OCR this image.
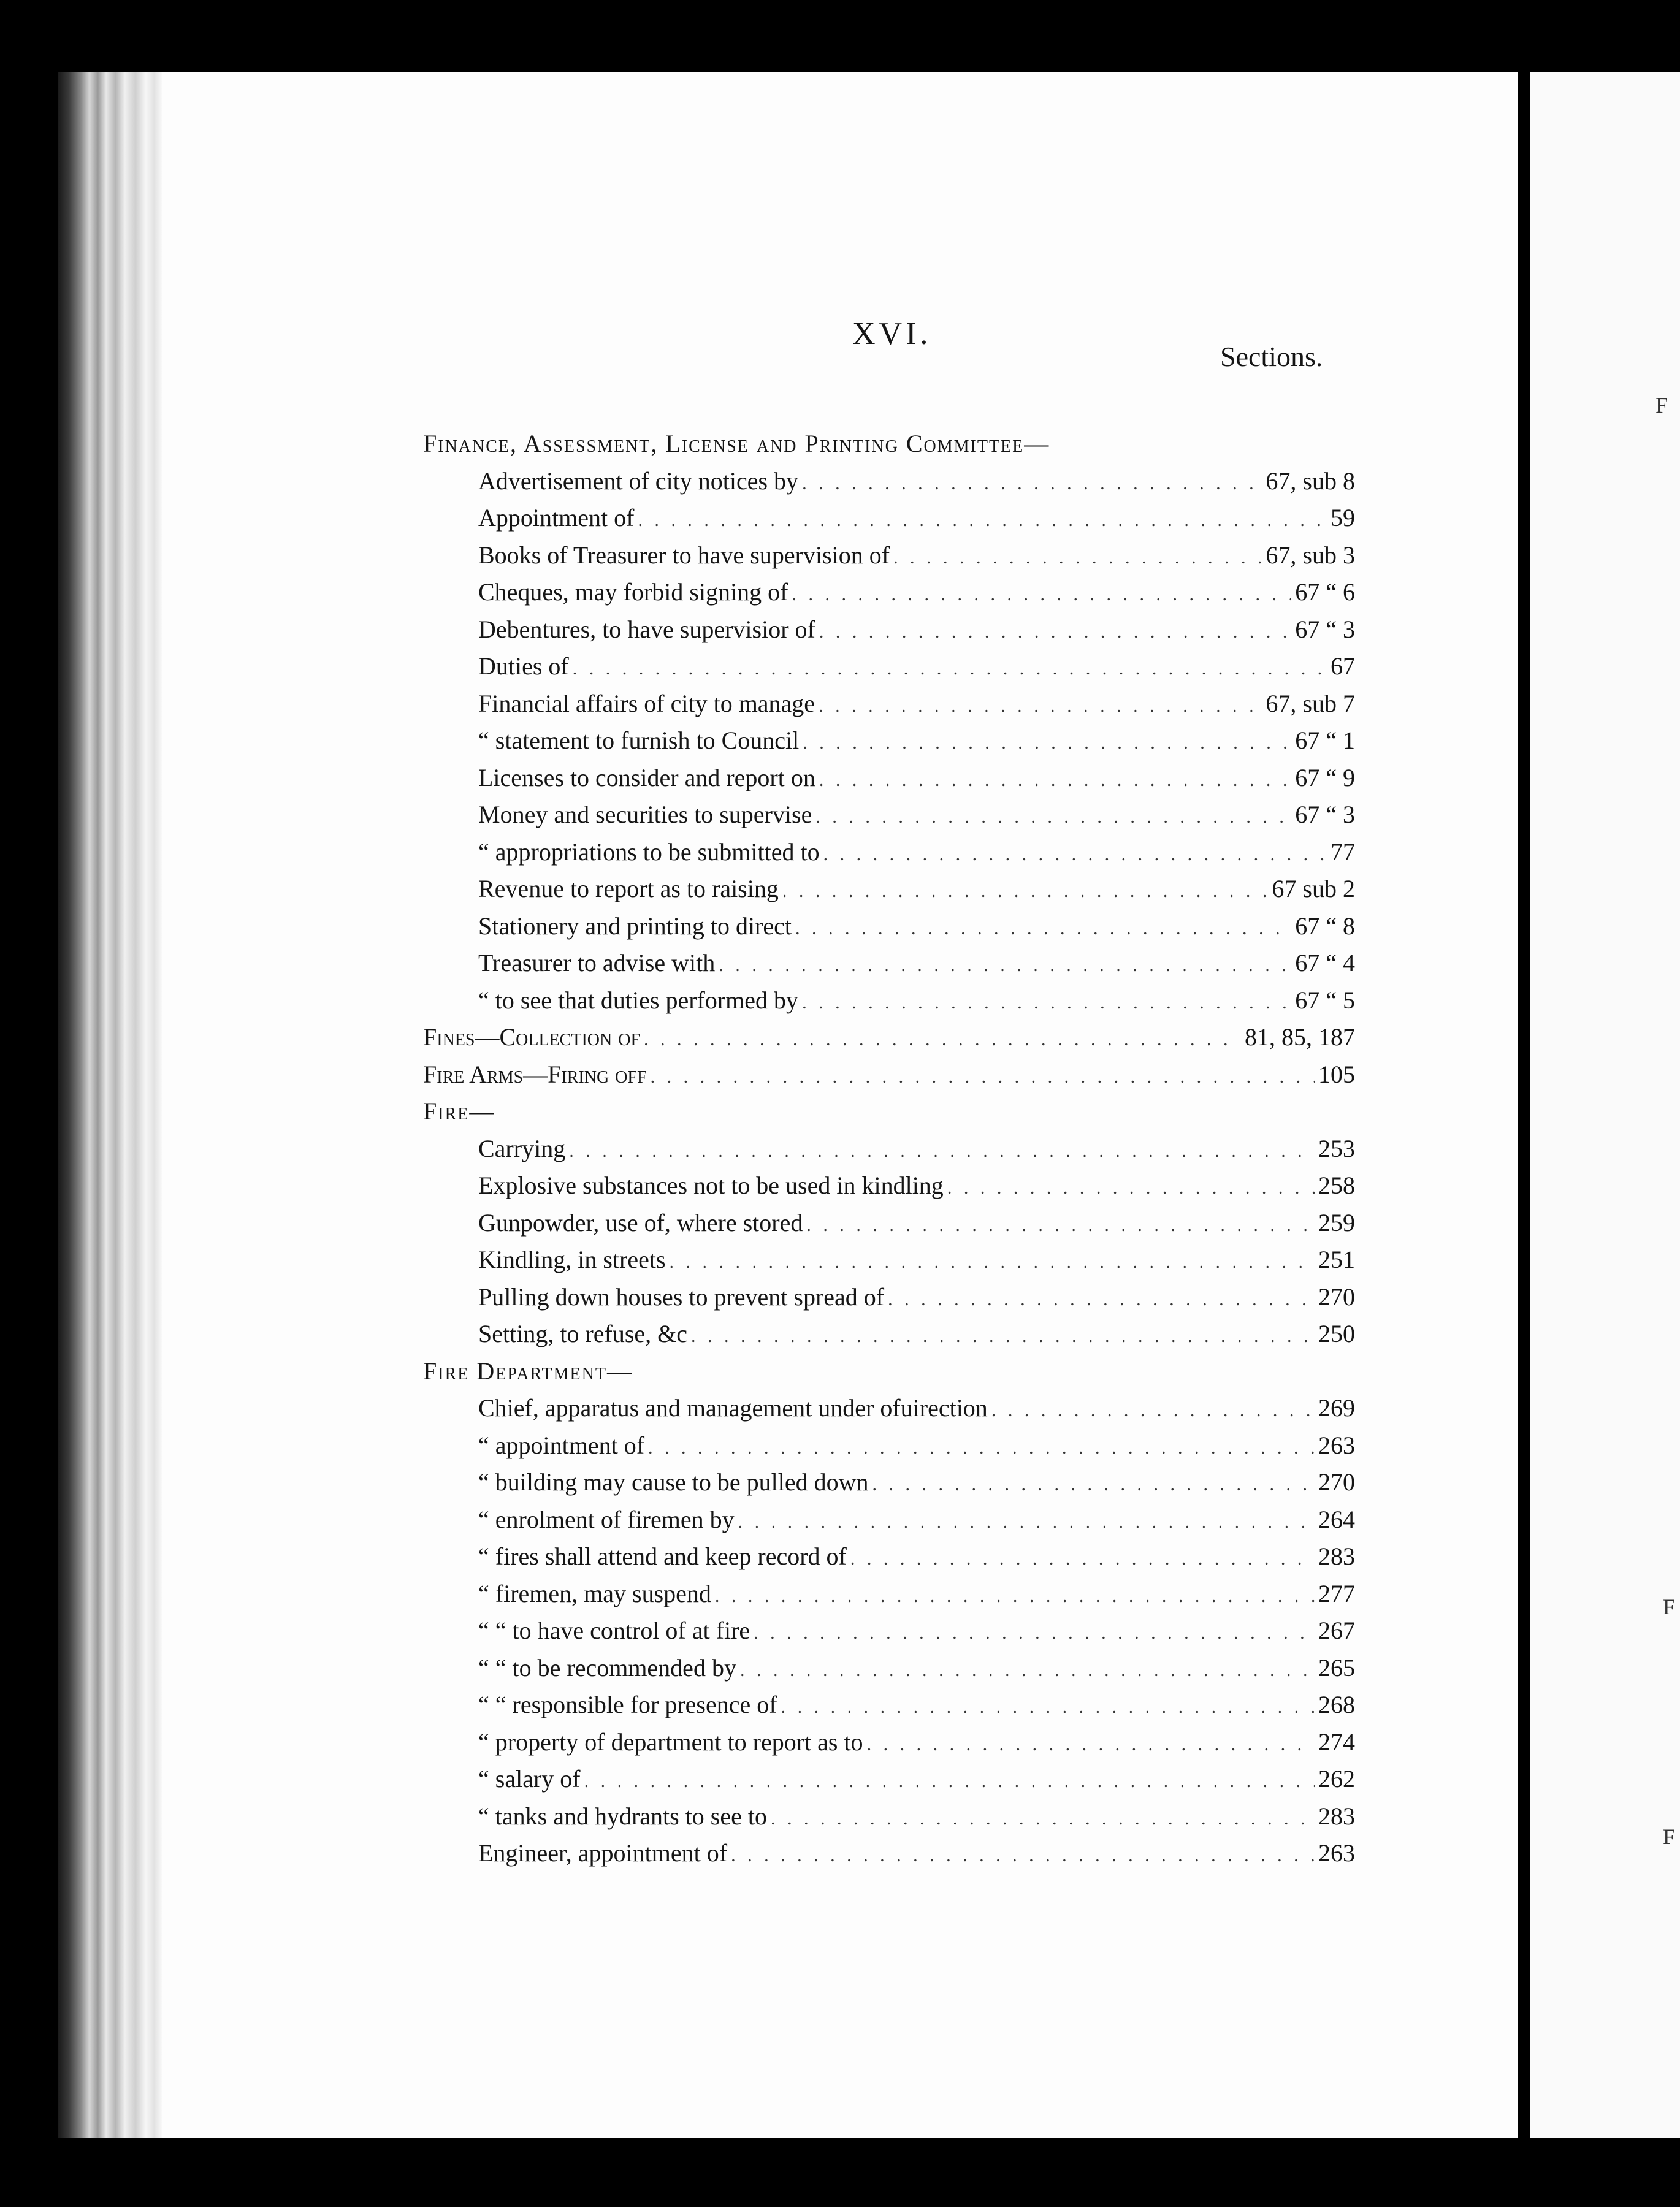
F
F
F
XVI.
Sections.
Finance, Assessment, License and Printing Committee—
Advertisement of city notices by . . .	67, sub 8
Appointment of . . .	59
Books of Treasurer to have supervision of . . .	67, sub 3
Cheques, may forbid signing of . . .	67 “ 6
Debentures, to have supervisior of . . .	67 “ 3
Duties of . . .	67
Financial affairs of city to manage . . .	67, sub 7
“ statement to furnish to Council . . .	67 “ 1
Licenses to consider and report on . . .	67 “ 9
Money and securities to supervise . . .	67 “ 3
“ appropriations to be submitted to . . .	77
Revenue to report as to raising . . .	67 sub 2
Stationery and printing to direct . . .	67 “ 8
Treasurer to advise with . . .	67 “ 4
“ to see that duties performed by . . .	67 “ 5
Fines—Collection of . . .	81, 85, 187
Fire Arms—Firing off . . .	105
Fire—
Carrying . . .	253
Explosive substances not to be used in kindling . . .	258
Gunpowder, use of, where stored . . .	259
Kindling, in streets . . .	251
Pulling down houses to prevent spread of . . .	270
Setting, to refuse, &c . . .	250
Fire Department—
Chief, apparatus and management under ofuirection . . .	269
“ appointment of . . .	263
“ building may cause to be pulled down . . .	270
“ enrolment of firemen by . . .	264
“ fires shall attend and keep record of . . .	283
“ firemen, may suspend . . .	277
“ “ to have control of at fire . . .	267
“ “ to be recommended by . . .	265
“ “ responsible for presence of . . .	268
“ property of department to report as to . . .	274
“ salary of . . .	262
“ tanks and hydrants to see to . . .	283
Engineer, appointment of . . .	263
